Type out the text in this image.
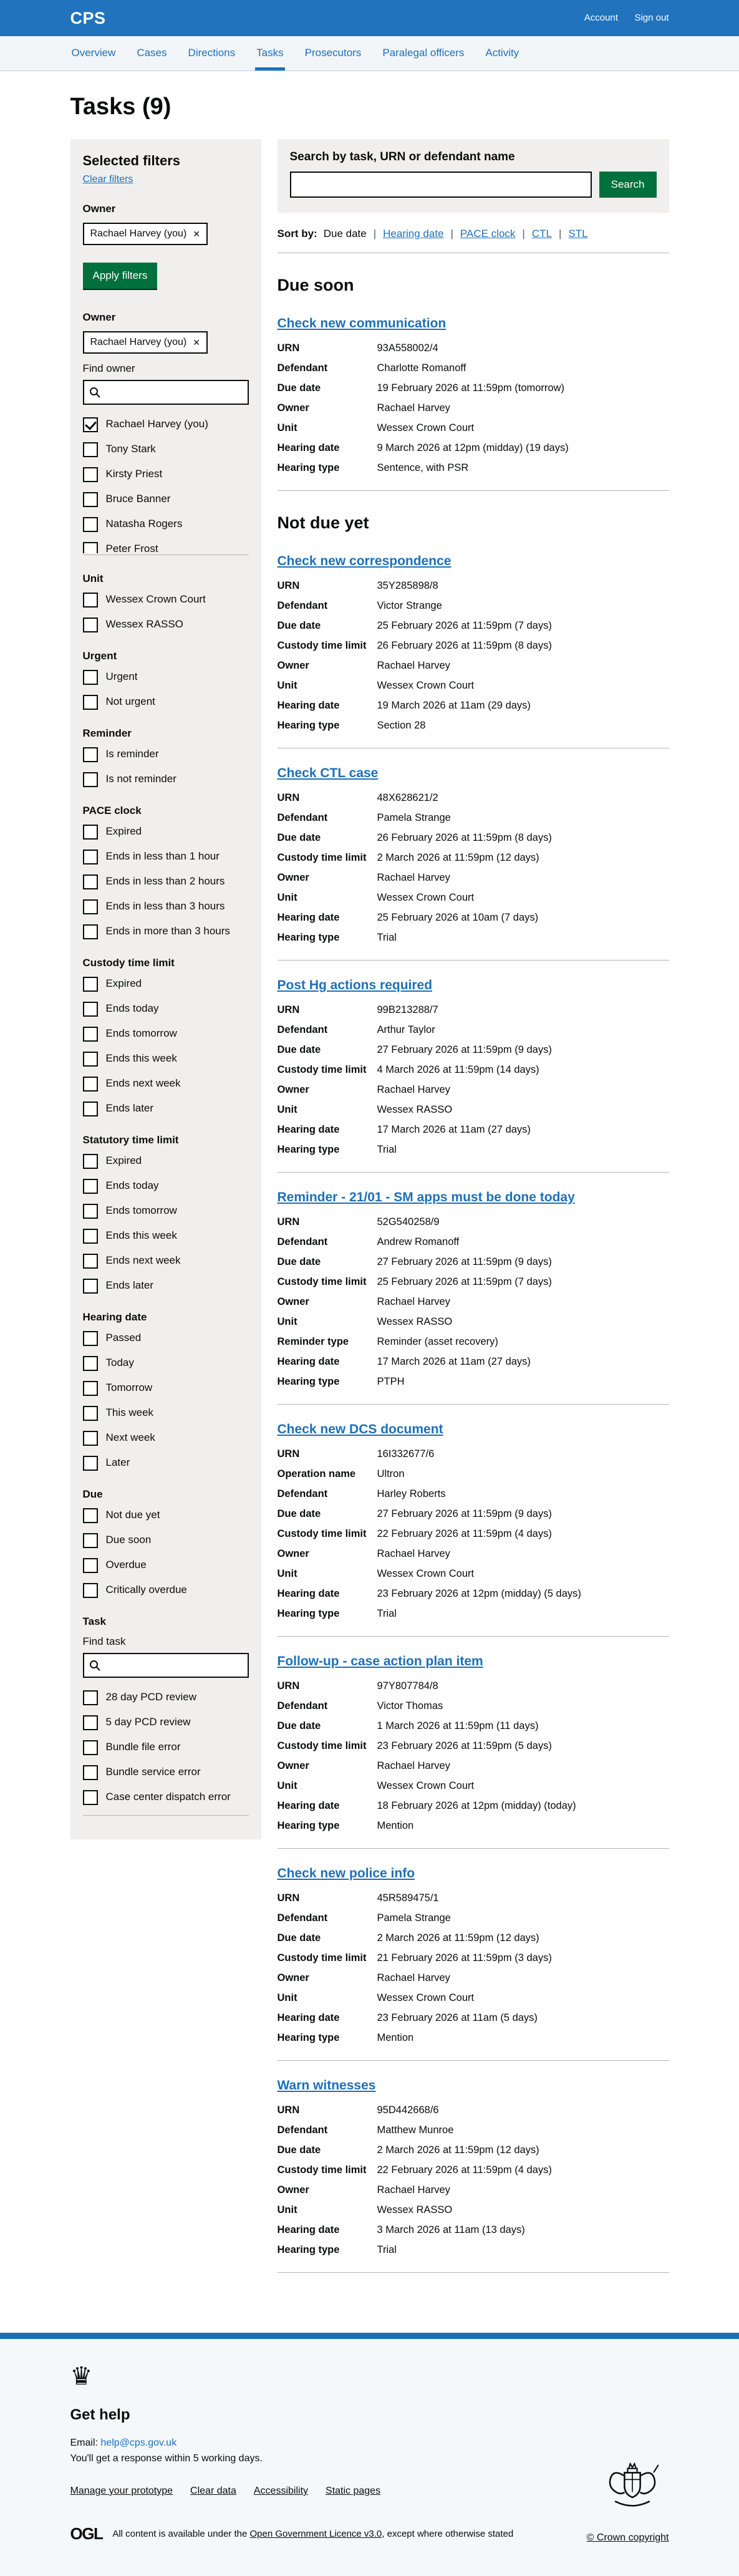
CPS	Account Sign out
Overview Cases Directions Tasks Prosecutors Paralegal officers Activity
Tasks (9)
Selected filters
Clear filters
Owner
Rachael Harvey (you) ✕

Apply filters
Owner
Rachael Harvey (you) ✕
Find owner
Rachael Harvey (you)
Tony Stark
Kirsty Priest
Bruce Banner
Natasha Rogers
Peter Frost
Unit
Wessex Crown Court
Wessex RASSO
Urgent
Urgent
Not urgent
Reminder
Is reminder
Is not reminder
PACE clock
Expired
Ends in less than 1 hour
Ends in less than 2 hours
Ends in less than 3 hours
Ends in more than 3 hours
Custody time limit
Expired
Ends today
Ends tomorrow
Ends this week
Ends next week
Ends later
Statutory time limit
Expired
Ends today
Ends tomorrow
Ends this week
Ends next week
Ends later
Hearing date
Passed
Today
Tomorrow
This week
Next week
Later
Due
Not due yet
Due soon
Overdue
Critically overdue
Task
Find task
28 day PCD review
5 day PCD review
Bundle file error
Bundle service error
Case center dispatch error
Search by task, URN or defendant name
Search
Sort by: Due date | Hearing date | PACE clock | CTL | STL
Due soon
Check new communication
URN	93A558002/4
Defendant	Charlotte Romanoff
Due date	19 February 2026 at 11:59pm (tomorrow)
Owner	Rachael Harvey
Unit	Wessex Crown Court
Hearing date	9 March 2026 at 12pm (midday) (19 days)
Hearing type	Sentence, with PSR
Not due yet
Check new correspondence
URN	35Y285898/8
Defendant	Victor Strange
Due date	25 February 2026 at 11:59pm (7 days)
Custody time limit	26 February 2026 at 11:59pm (8 days)
Owner	Rachael Harvey
Unit	Wessex Crown Court
Hearing date	19 March 2026 at 11am (29 days)
Hearing type	Section 28
Check CTL case
URN	48X628621/2
Defendant	Pamela Strange
Due date	26 February 2026 at 11:59pm (8 days)
Custody time limit	2 March 2026 at 11:59pm (12 days)
Owner	Rachael Harvey
Unit	Wessex Crown Court
Hearing date	25 February 2026 at 10am (7 days)
Hearing type	Trial
Post Hg actions required
URN	99B213288/7
Defendant	Arthur Taylor
Due date	27 February 2026 at 11:59pm (9 days)
Custody time limit	4 March 2026 at 11:59pm (14 days)
Owner	Rachael Harvey
Unit	Wessex RASSO
Hearing date	17 March 2026 at 11am (27 days)
Hearing type	Trial
Reminder - 21/01 - SM apps must be done today
URN	52G540258/9
Defendant	Andrew Romanoff
Due date	27 February 2026 at 11:59pm (9 days)
Custody time limit	25 February 2026 at 11:59pm (7 days)
Owner	Rachael Harvey
Unit	Wessex RASSO
Reminder type	Reminder (asset recovery)
Hearing date	17 March 2026 at 11am (27 days)
Hearing type	PTPH
Check new DCS document
URN	16I332677/6
Operation name	Ultron
Defendant	Harley Roberts
Due date	27 February 2026 at 11:59pm (9 days)
Custody time limit	22 February 2026 at 11:59pm (4 days)
Owner	Rachael Harvey
Unit	Wessex Crown Court
Hearing date	23 February 2026 at 12pm (midday) (5 days)
Hearing type	Trial
Follow-up - case action plan item
URN	97Y807784/8
Defendant	Victor Thomas
Due date	1 March 2026 at 11:59pm (11 days)
Custody time limit	23 February 2026 at 11:59pm (5 days)
Owner	Rachael Harvey
Unit	Wessex Crown Court
Hearing date	18 February 2026 at 12pm (midday) (today)
Hearing type	Mention
Check new police info
URN	45R589475/1
Defendant	Pamela Strange
Due date	2 March 2026 at 11:59pm (12 days)
Custody time limit	21 February 2026 at 11:59pm (3 days)
Owner	Rachael Harvey
Unit	Wessex Crown Court
Hearing date	23 February 2026 at 11am (5 days)
Hearing type	Mention
Warn witnesses
URN	95D442668/6
Defendant	Matthew Munroe
Due date	2 March 2026 at 11:59pm (12 days)
Custody time limit	22 February 2026 at 11:59pm (4 days)
Owner	Rachael Harvey
Unit	Wessex RASSO
Hearing date	3 March 2026 at 11am (13 days)
Hearing type	Trial
♛
Get help

Email: help@cps.gov.uk

You'll get a response within 5 working days.

Manage your prototype Clear data Accessibility Static pages
OGL All content is available under the Open Government Licence v3.0, except where otherwise stated	© Crown copyright
